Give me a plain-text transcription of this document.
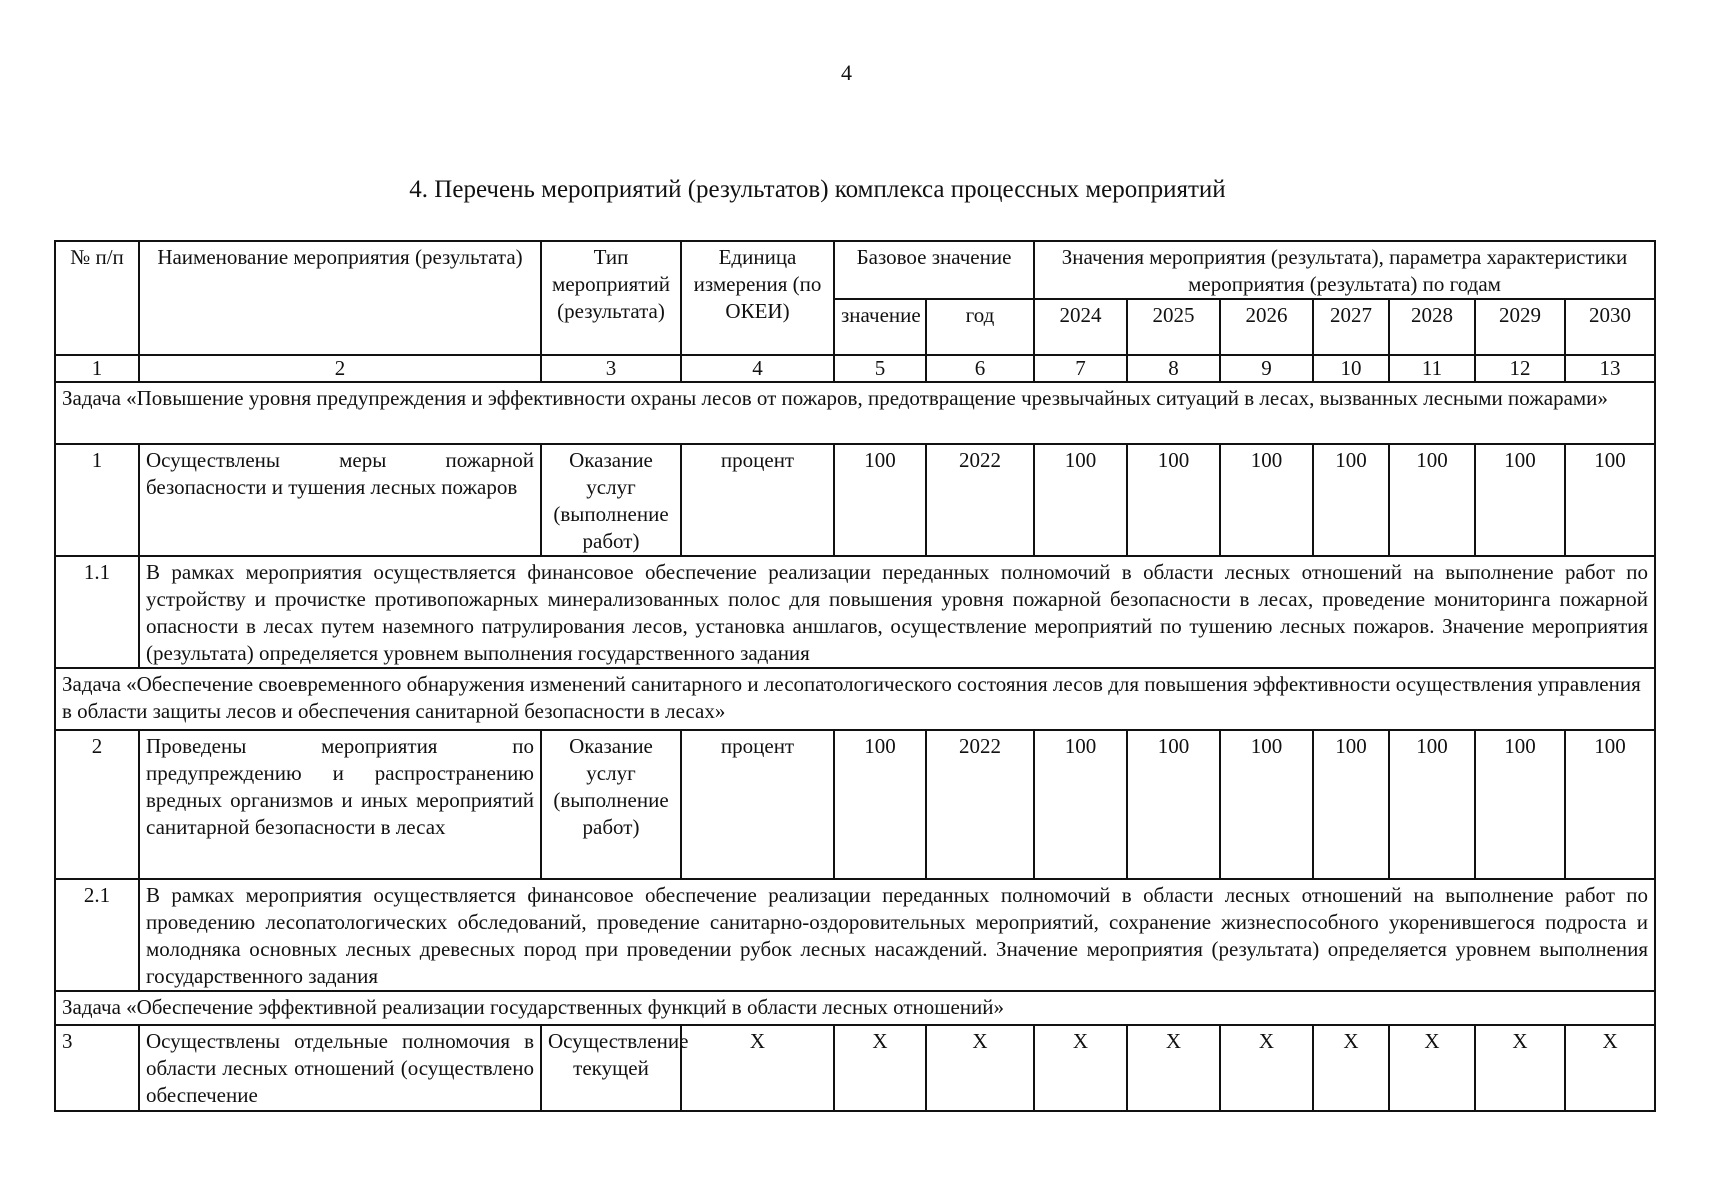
4
4. Перечень мероприятий (результатов) комплекса процессных мероприятий
№ п/п	Наименование мероприятия (результата)	Тип мероприятий (результата)	Единица измерения (по ОКЕИ)	Базовое значение		Значения мероприятия (результата), параметра характеристики мероприятия (результата) по годам						
				значение	год	2024	2025	2026	2027	2028	2029	2030
1	2	3	4	5	6	7	8	9	10	11	12	13
Задача «Повышение уровня предупреждения и эффективности охраны лесов от пожаров, предотвращение чрезвычайных ситуаций в лесах, вызванных лесными пожарами»												
1	Осуществлены меры пожарной безопасности и тушения лесных пожаров	Оказание услуг (выполнение работ)	процент	100	2022	100	100	100	100	100	100	100
1.1	В рамках мероприятия осуществляется финансовое обеспечение реализации переданных полномочий в области лесных отношений на выполнение работ по устройству и прочистке противопожарных минерализованных полос для повышения уровня пожарной безопасности в лесах, проведение мониторинга пожарной опасности в лесах путем наземного патрулирования лесов, установка аншлагов, осуществление мероприятий по тушению лесных пожаров. Значение мероприятия (результата) определяется уровнем выполнения государственного задания											
Задача «Обеспечение своевременного обнаружения изменений санитарного и лесопатологического состояния лесов для повышения эффективности осуществления управления в области защиты лесов и обеспечения санитарной безопасности в лесах»												
2	Проведены мероприятия по предупреждению и распространению вредных организмов и иных мероприятий санитарной безопасности в лесах	Оказание услуг (выполнение работ)	процент	100	2022	100	100	100	100	100	100	100
2.1	В рамках мероприятия осуществляется финансовое обеспечение реализации переданных полномочий в области лесных отношений на выполнение работ по проведению лесопатологических обследований, проведение санитарно-оздоровительных мероприятий, сохранение жизнеспособного укоренившегося подроста и молодняка основных лесных древесных пород при проведении рубок лесных насаждений. Значение мероприятия (результата) определяется уровнем выполнения государственного задания											
Задача «Обеспечение эффективной реализации государственных функций в области лесных отношений»												
3	Осуществлены отдельные полномочия в области лесных отношений (осуществлено обеспечение	Осуществление текущей	X	X	X	X	X	X	X	X	X	X
